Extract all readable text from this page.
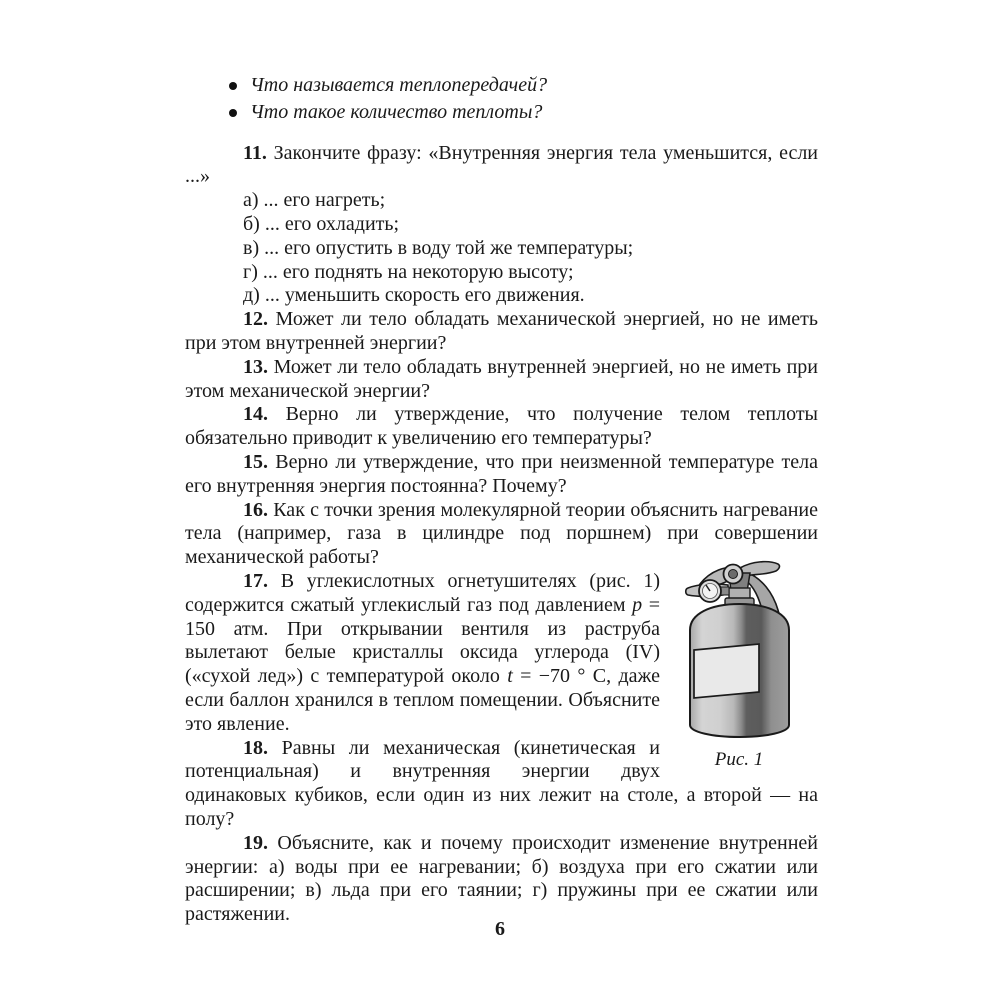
Что называется теплопередачей?
Что такое количество теплоты?

11. Закончите фразу: «Внутренняя энергия тела уменьшится, если ...»

а) ... его нагреть;
б) ... его охладить;
в) ... его опустить в воду той же температуры;
г) ... его поднять на некоторую высоту;
д) ... уменьшить скорость его движения.

12. Может ли тело обладать механической энергией, но не иметь при этом внутренней энергии?

13. Может ли тело обладать внутренней энергией, но не иметь при этом механической энергии?

14. Верно ли утверждение, что получение телом теплоты обязательно приводит к увеличению его температуры?

15. Верно ли утверждение, что при неизменной температуре тела его внутренняя энергия постоянна? Почему?

16. Как с точки зрения молекулярной теории объяснить нагревание тела (например, газа в цилиндре под поршнем) при совершении механической работы?

Рис. 1

17. В углекислотных огнетушителях (рис. 1) содержится сжатый углекислый газ под давлением p = 150 атм. При открывании вентиля из раструба вылетают белые кристаллы оксида углерода (IV) («сухой лед») с температурой около t = −70 ° С, даже если баллон хранился в теплом помещении. Объясните это явление.

18. Равны ли механическая (кинетическая и потенциальная) и внутренняя энергии двух одинаковых кубиков, если один из них лежит на столе, а второй — на полу?

19. Объясните, как и почему происходит изменение внутренней энергии: а) воды при ее нагревании; б) воздуха при его сжатии или расширении; в) льда при его таянии; г) пружины при ее сжатии или растяжении.

6
